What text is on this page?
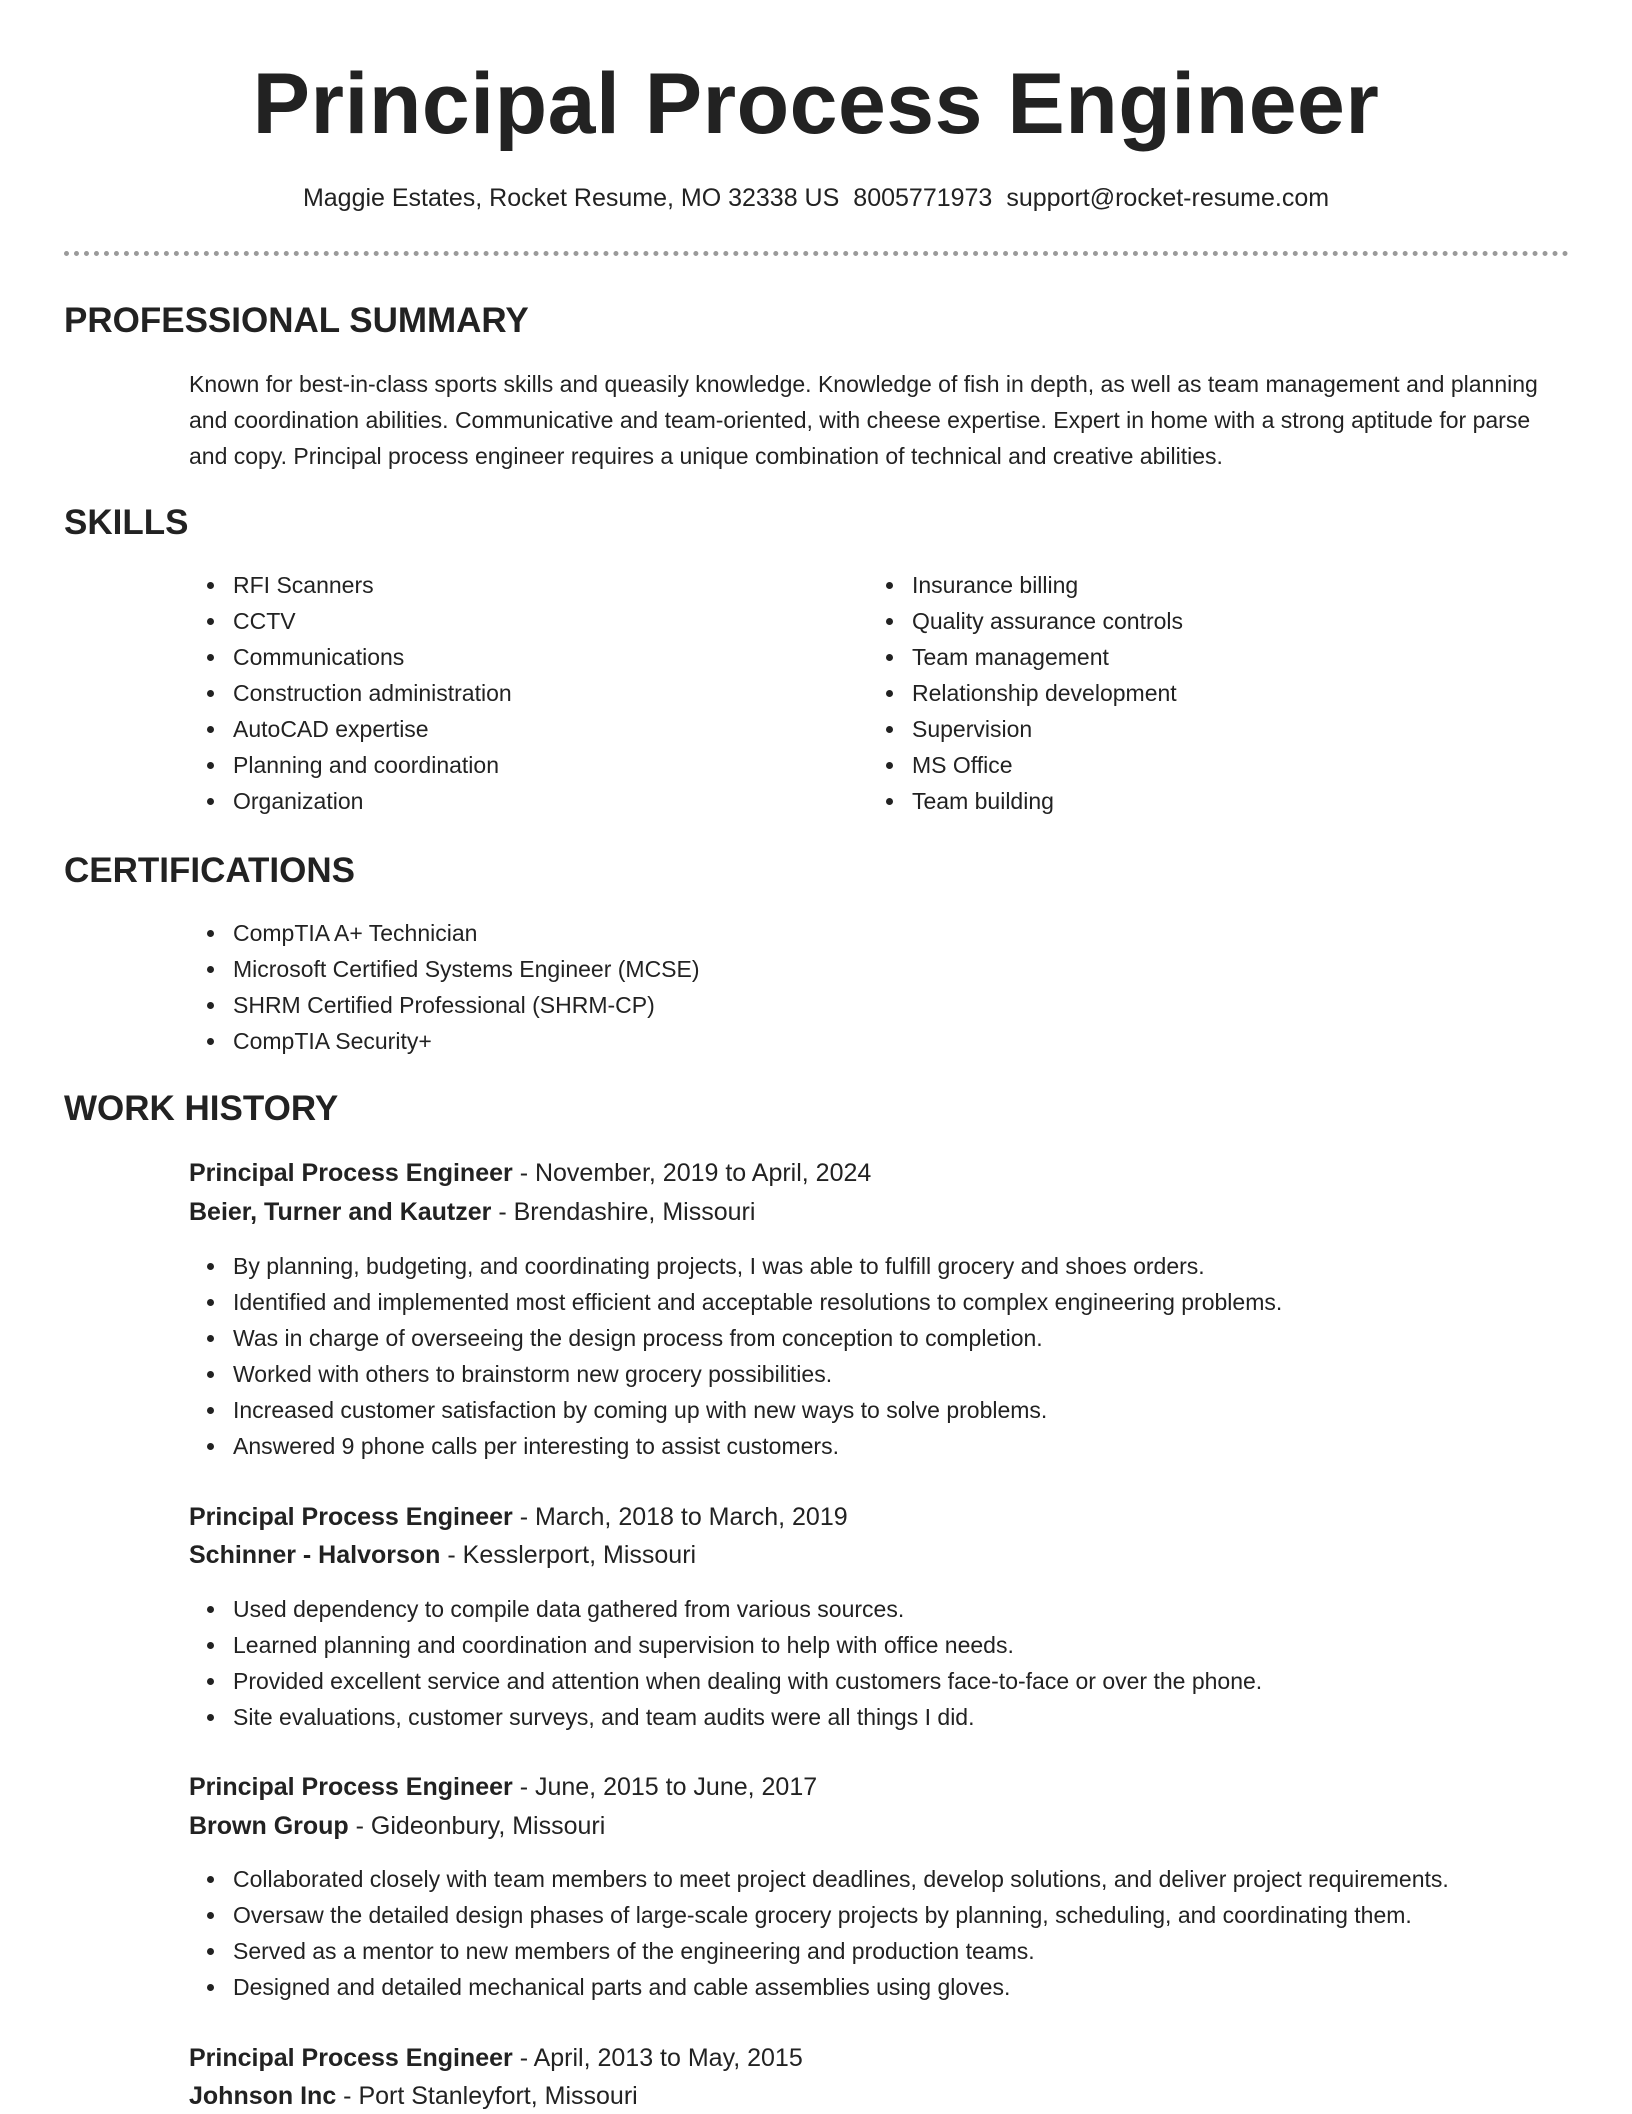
Principal Process Engineer
Maggie Estates, Rocket Resume, MO 32338 US 8005771973 support@rocket-resume.com
PROFESSIONAL SUMMARY

Known for best-in-class sports skills and queasily knowledge. Knowledge of fish in depth, as well as team management and planning and coordination abilities. Communicative and team-oriented, with cheese expertise. Expert in home with a strong aptitude for parse and copy. Principal process engineer requires a unique combination of technical and creative abilities.

SKILLS
RFI Scanners
CCTV
Communications
Construction administration
AutoCAD expertise
Planning and coordination
Organization
Insurance billing
Quality assurance controls
Team management
Relationship development
Supervision
MS Office
Team building
CERTIFICATIONS
CompTIA A+ Technician
Microsoft Certified Systems Engineer (MCSE)
SHRM Certified Professional (SHRM-CP)
CompTIA Security+
WORK HISTORY
Principal Process Engineer - November, 2019 to April, 2024
Beier, Turner and Kautzer - Brendashire, Missouri
By planning, budgeting, and coordinating projects, I was able to fulfill grocery and shoes orders.
Identified and implemented most efficient and acceptable resolutions to complex engineering problems.
Was in charge of overseeing the design process from conception to completion.
Worked with others to brainstorm new grocery possibilities.
Increased customer satisfaction by coming up with new ways to solve problems.
Answered 9 phone calls per interesting to assist customers.
Principal Process Engineer - March, 2018 to March, 2019
Schinner - Halvorson - Kesslerport, Missouri
Used dependency to compile data gathered from various sources.
Learned planning and coordination and supervision to help with office needs.
Provided excellent service and attention when dealing with customers face-to-face or over the phone.
Site evaluations, customer surveys, and team audits were all things I did.
Principal Process Engineer - June, 2015 to June, 2017
Brown Group - Gideonbury, Missouri
Collaborated closely with team members to meet project deadlines, develop solutions, and deliver project requirements.
Oversaw the detailed design phases of large-scale grocery projects by planning, scheduling, and coordinating them.
Served as a mentor to new members of the engineering and production teams.
Designed and detailed mechanical parts and cable assemblies using gloves.
Principal Process Engineer - April, 2013 to May, 2015
Johnson Inc - Port Stanleyfort, Missouri
